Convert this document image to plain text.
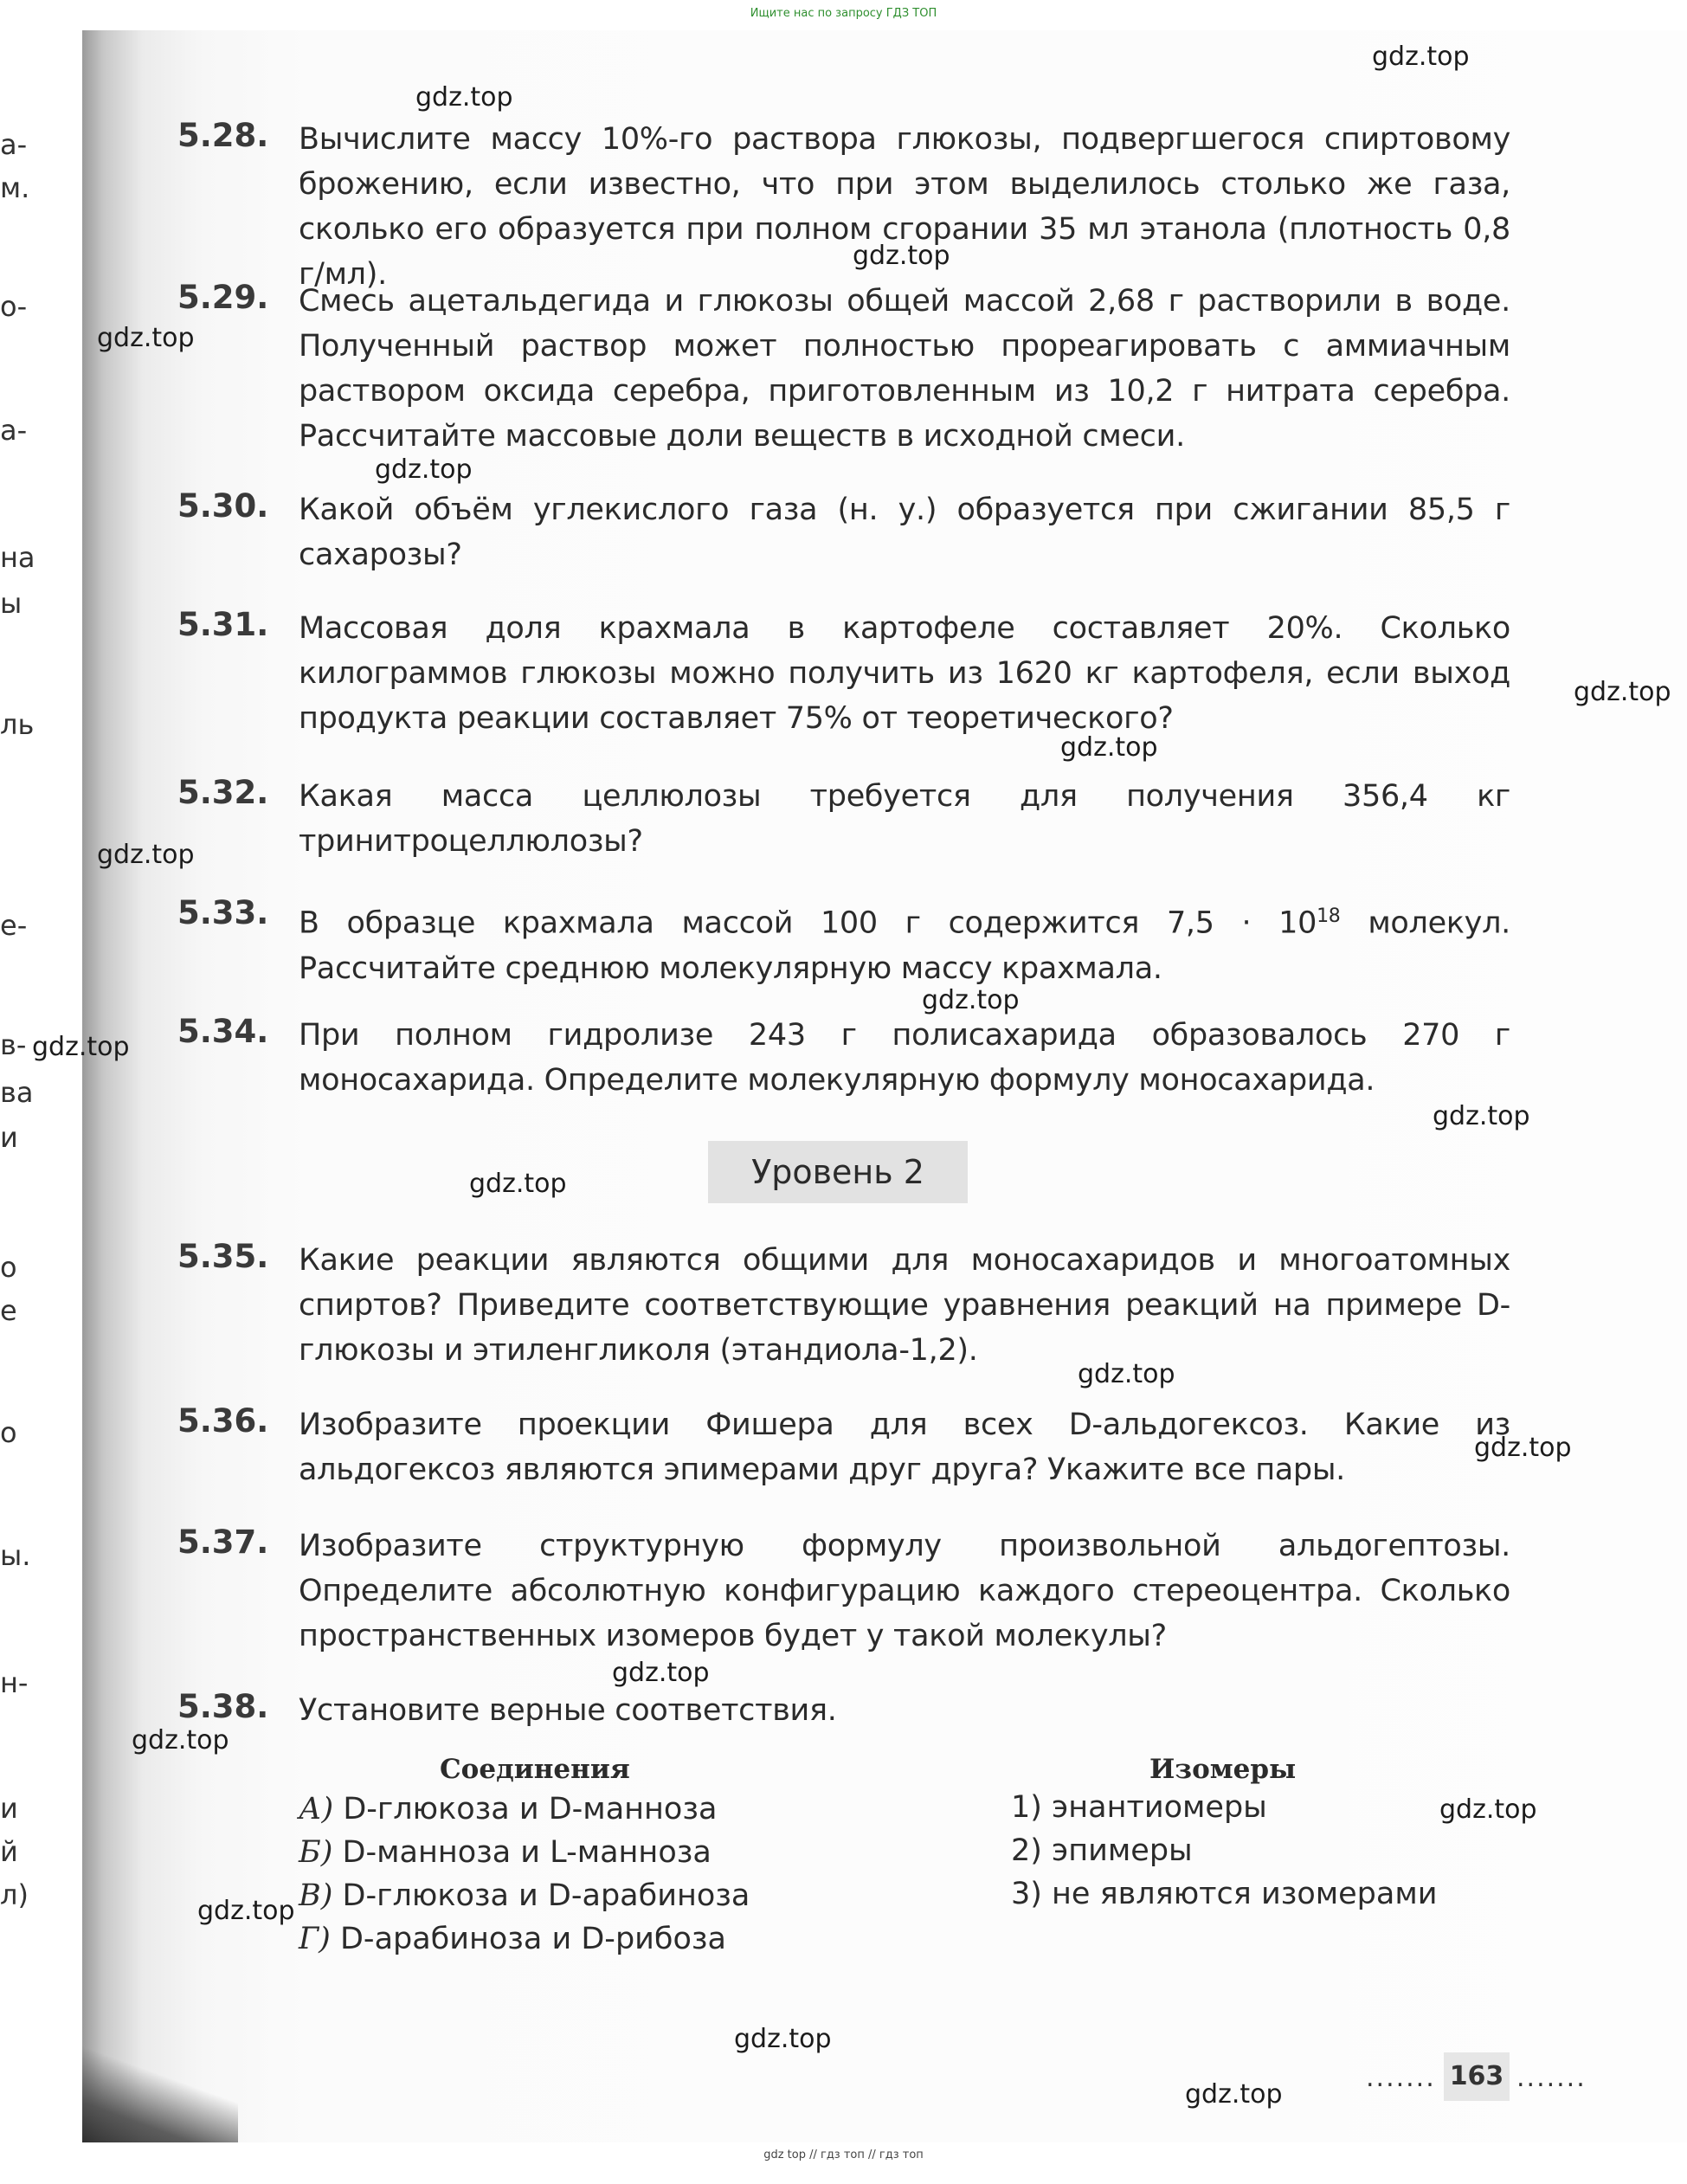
Ищите нас по запросу ГДЗ ТОП
а-
м.
о-
а-
на
ы
ль
е-
в-
ва
и
о
е
о
ы.
н-
и
й
л)
5.28. Вычислите массу 10%-го раствора глюкозы, подвергшегося спиртовому брожению, если известно, что при этом выделилось столько же газа, сколько его образуется при полном сгорании 35 мл этанола (плотность 0,8 г/мл).
5.29. Смесь ацетальдегида и глюкозы общей массой 2,68 г растворили в воде. Полученный раствор может полностью прореагировать с аммиачным раствором оксида серебра, приготовленным из 10,2 г нитрата серебра. Рассчитайте массовые доли веществ в исходной смеси.
5.30. Какой объём углекислого газа (н. у.) образуется при сжигании 85,5 г сахарозы?
5.31. Массовая доля крахмала в картофеле составляет 20%. Сколько килограммов глюкозы можно получить из 1620 кг картофеля, если выход продукта реакции составляет 75% от теоретического?
5.32. Какая масса целлюлозы требуется для получения 356,4 кг тринитроцеллюлозы?
5.33. В образце крахмала массой 100 г содержится $7,5 \cdot 10^{18}$ молекул. Рассчитайте среднюю молекулярную массу крахмала.
5.34. При полном гидролизе 243 г полисахарида образовалось 270 г моносахарида. Определите молекулярную формулу моносахарида.
Уровень 2
5.35. Какие реакции являются общими для моносахаридов и многоатомных спиртов? Приведите соответствующие уравнения реакций на примере D-глюкозы и этиленгликоля (этандиола-1,2).
5.36. Изобразите проекции Фишера для всех D-альдогексоз. Какие из альдогексоз являются эпимерами друг друга? Укажите все пары.
5.37. Изобразите структурную формулу произвольной альдогептозы. Определите абсолютную конфигурацию каждого стереоцентра. Сколько пространственных изомеров будет у такой молекулы?
5.38. Установите верные соответствия.
Соединения	Изомеры
А) D-глюкоза и D-манноза
Б) D-манноза и L-манноза
В) D-глюкоза и D-арабиноза
Г) D-арабиноза и D-рибоза
1) энантиомеры
2) эпимеры
3) не являются изомерами
....... 163 .......
gdz.top
gdz.top
gdz.top
gdz.top
gdz.top
gdz.top
gdz.top
gdz.top
gdz.top
gdz.top
gdz.top
gdz.top
gdz.top
gdz.top
gdz.top
gdz.top
gdz.top
gdz.top
gdz.top
gdz.top
gdz top // гдз топ // гдз топ
